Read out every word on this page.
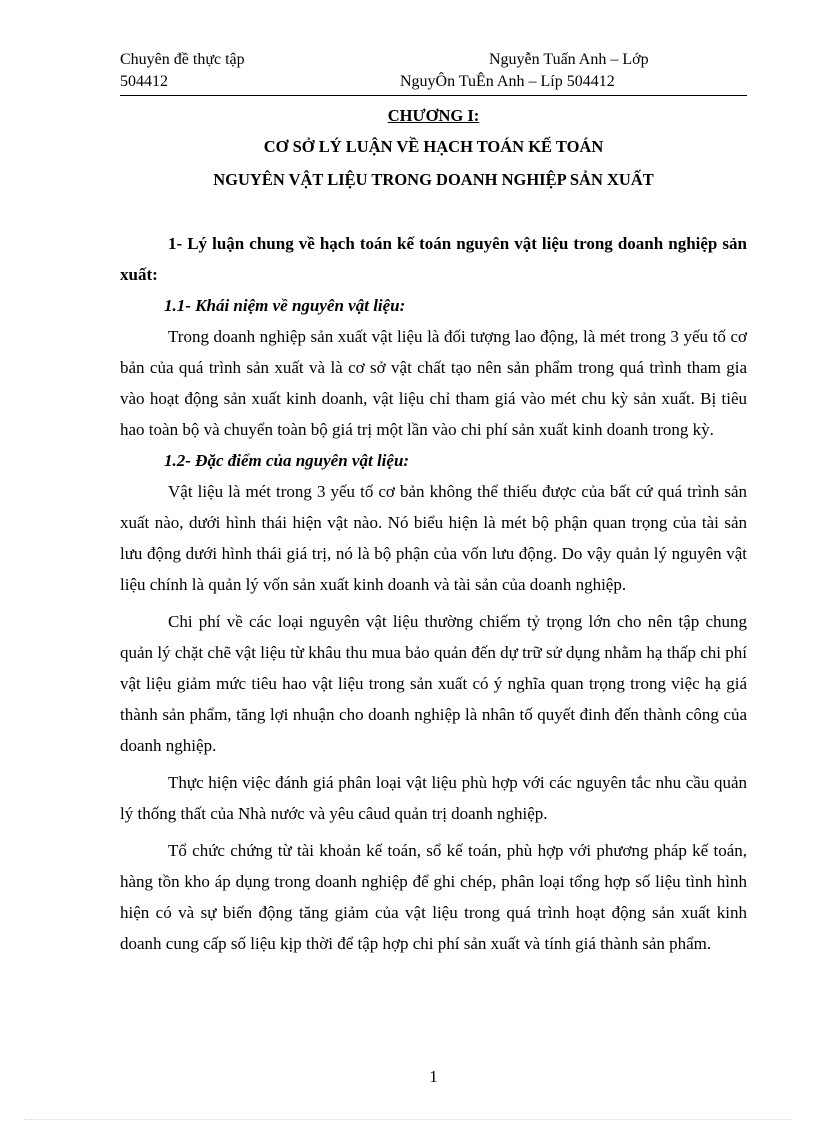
Chuyên đề thực tập	Nguyễn Tuấn Anh – Lớp
504412	NguyÔn TuÊn Anh – Líp 504412
CHƯƠNG I:
CƠ SỞ LÝ LUẬN VỀ HẠCH TOÁN KẾ TOÁN
NGUYÊN VẬT LIỆU TRONG DOANH NGHIỆP SẢN XUẤT

1- Lý luận chung về hạch toán kế toán nguyên vật liệu trong doanh nghiệp sản xuất:

1.1- Khái niệm về nguyên vật liệu:

Trong doanh nghiệp sản xuất vật liệu là đối tượng lao động, là mét trong 3 yếu tố cơ bản của quá trình sản xuất và là cơ sở vật chất tạo nên sản phẩm trong quá trình tham gia vào hoạt động sản xuất kinh doanh, vật liệu chỉ tham giá vào mét chu kỳ sản xuất. Bị tiêu hao toàn bộ và chuyển toàn bộ giá trị một lần vào chi phí sản xuất kinh doanh trong kỳ.

1.2- Đặc điểm của nguyên vật liệu:

Vật liệu là mét trong 3 yếu tố cơ bản không thể thiếu được của bất cứ quá trình sản xuất nào, dưới hình thái hiện vật nào. Nó biểu hiện là mét bộ phận quan trọng của tài sản lưu động dưới hình thái giá trị, nó là bộ phận của vốn lưu động. Do vậy quản lý nguyên vật liệu chính là quản lý vốn sản xuất kinh doanh và tài sản của doanh nghiệp.

Chi phí về các loại nguyên vật liệu thường chiếm tỷ trọng lớn cho nên tập chung quản lý chặt chẽ vật liệu từ khâu thu mua bảo quản đến dự trữ sử dụng nhằm hạ thấp chi phí vật liệu giảm mức tiêu hao vật liệu trong sản xuất có ý nghĩa quan trọng trong việc hạ giá thành sản phẩm, tăng lợi nhuận cho doanh nghiệp là nhân tố quyết đinh đến thành công của doanh nghiệp.

Thực hiện việc đánh giá phân loại vật liệu phù hợp với các nguyên tắc nhu cầu quản lý thống thất của Nhà nước và yêu câud quản trị doanh nghiệp.

Tổ chức chứng từ tài khoản kế toán, sổ kế toán, phù hợp với phương pháp kế toán, hàng tồn kho áp dụng trong doanh nghiệp để ghi chép, phân loại tổng hợp số liệu tình hình hiện có và sự biến động tăng giảm của vật liệu trong quá trình hoạt động sản xuất kinh doanh cung cấp số liệu kịp thời để tập hợp chi phí sản xuất và tính giá thành sản phẩm.

1
